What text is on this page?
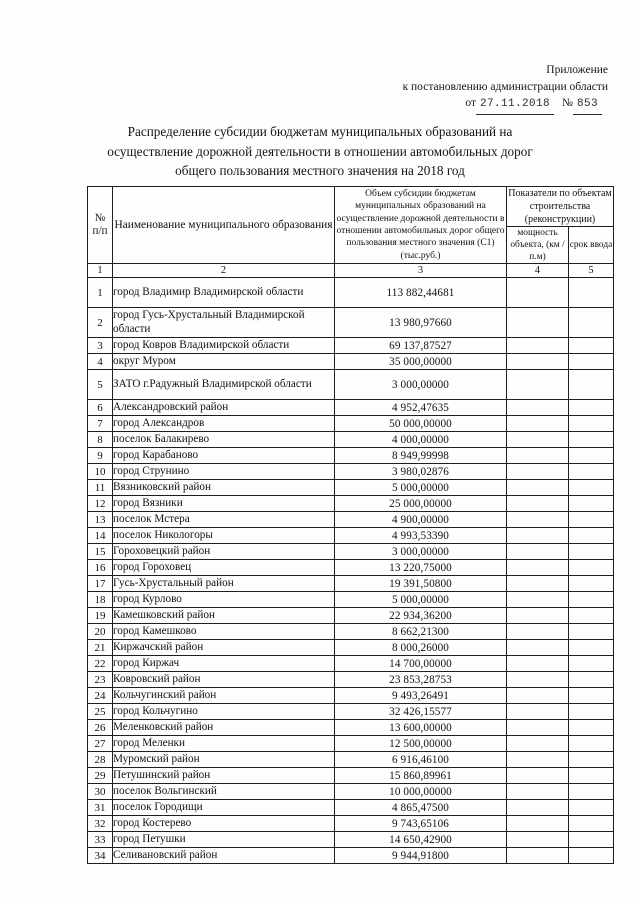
Приложение
к постановлению администрации области
от 27.11.2018 № 853
Распределение субсидии бюджетам муниципальных образований на
осуществление дорожной деятельности в отношении автомобильных дорог
общего пользования местного значения на 2018 год
№
п/п	Наименование муниципального образования	Объем субсидии бюджетам муниципальных образований на осуществление дорожной деятельности в отношении автомобильных дорог общего пользования местного значения (С1) (тыс.руб.)	Показатели по объектам строительства (реконструкции)	
			мощность объекта, (км / п.м)	срок ввода
1	2	3	4	5
1	город Владимир Владимирской области	113 882,44681		
2	город Гусь-Хрустальный Владимирской области	13 980,97660		
3	город Ковров Владимирской области	69 137,87527		
4	округ Муром	35 000,00000		
5	ЗАТО г.Радужный Владимирской области	3 000,00000		
6	Александровский район	4 952,47635		
7	город Александров	50 000,00000		
8	поселок Балакирево	4 000,00000		
9	город Карабаново	8 949,99998		
10	город Струнино	3 980,02876		
11	Вязниковский район	5 000,00000		
12	город Вязники	25 000,00000		
13	поселок Мстера	4 900,00000		
14	поселок Никологоры	4 993,53390		
15	Гороховецкий район	3 000,00000		
16	город Гороховец	13 220,75000		
17	Гусь-Хрустальный район	19 391,50800		
18	город Курлово	5 000,00000		
19	Камешковский район	22 934,36200		
20	город Камешково	8 662,21300		
21	Киржачский район	8 000,26000		
22	город Киржач	14 700,00000		
23	Ковровский район	23 853,28753		
24	Кольчугинский район	9 493,26491		
25	город Кольчугино	32 426,15577		
26	Меленковский район	13 600,00000		
27	город Меленки	12 500,00000		
28	Муромский район	6 916,46100		
29	Петушинский район	15 860,89961		
30	поселок Вольгинский	10 000,00000		
31	поселок Городищи	4 865,47500		
32	город Костерево	9 743,65106		
33	город Петушки	14 650,42900		
34	Селивановский район	9 944,91800		
